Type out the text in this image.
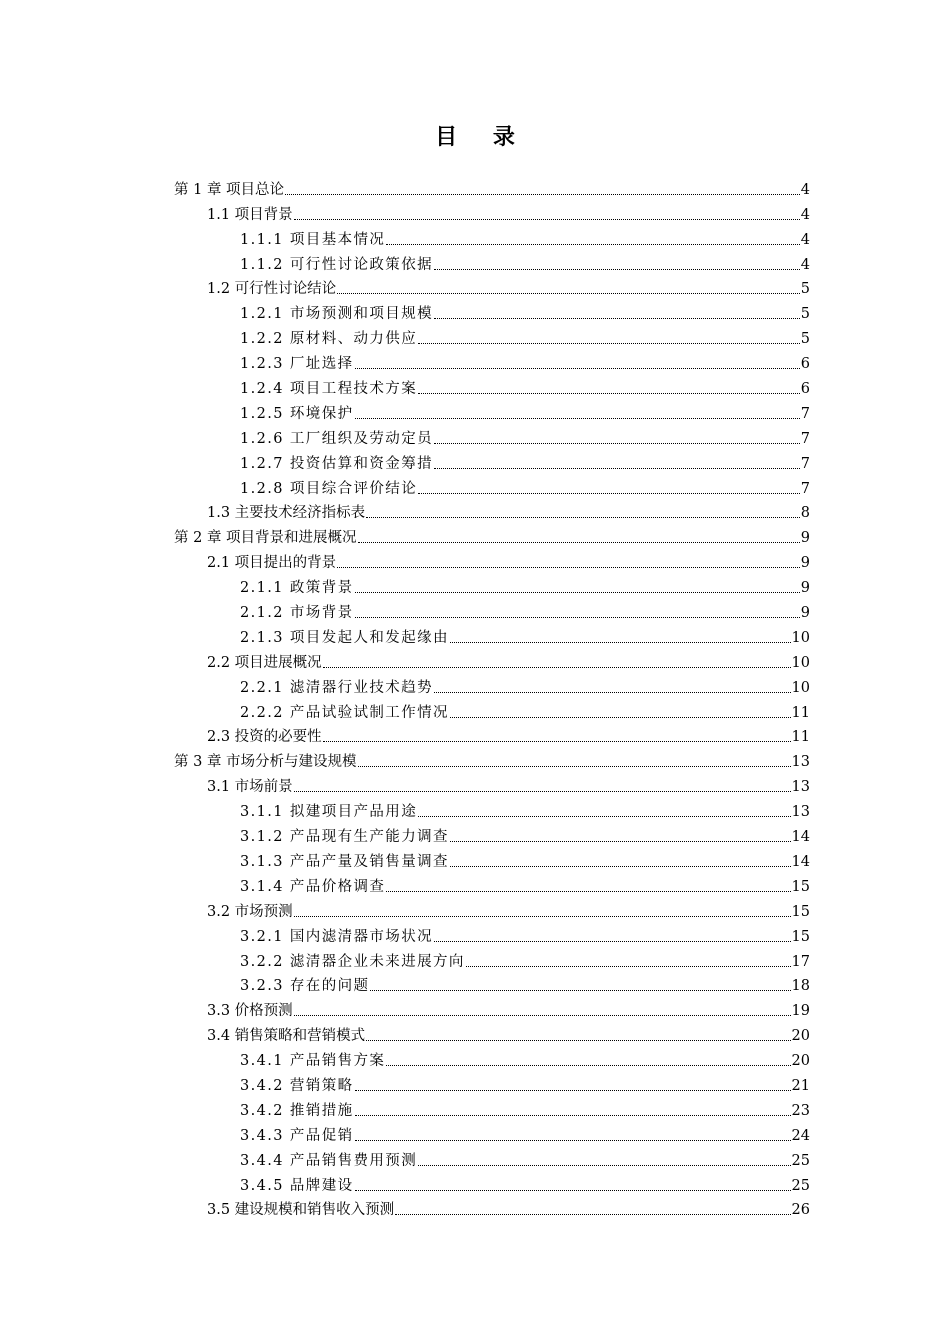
目 录
第 1 章 项目总论	4
1.1 项目背景	4
1.1.1 项目基本情况	4
1.1.2 可行性讨论政策依据	4
1.2 可行性讨论结论	5
1.2.1 市场预测和项目规模	5
1.2.2 原材料、动力供应	5
1.2.3 厂址选择	6
1.2.4 项目工程技术方案	6
1.2.5 环境保护	7
1.2.6 工厂组织及劳动定员	7
1.2.7 投资估算和资金筹措	7
1.2.8 项目综合评价结论	7
1.3 主要技术经济指标表	8
第 2 章 项目背景和进展概况	9
2.1 项目提出的背景	9
2.1.1 政策背景	9
2.1.2 市场背景	9
2.1.3 项目发起人和发起缘由	10
2.2 项目进展概况	10
2.2.1 滤清器行业技术趋势	10
2.2.2 产品试验试制工作情况	11
2.3 投资的必要性	11
第 3 章 市场分析与建设规模	13
3.1 市场前景	13
3.1.1 拟建项目产品用途	13
3.1.2 产品现有生产能力调查	14
3.1.3 产品产量及销售量调查	14
3.1.4 产品价格调查	15
3.2 市场预测	15
3.2.1 国内滤清器市场状况	15
3.2.2 滤清器企业未来进展方向	17
3.2.3 存在的问题	18
3.3 价格预测	19
3.4 销售策略和营销模式	20
3.4.1 产品销售方案	20
3.4.2 营销策略	21
3.4.2 推销措施	23
3.4.3 产品促销	24
3.4.4 产品销售费用预测	25
3.4.5 品牌建设	25
3.5 建设规模和销售收入预测	26
